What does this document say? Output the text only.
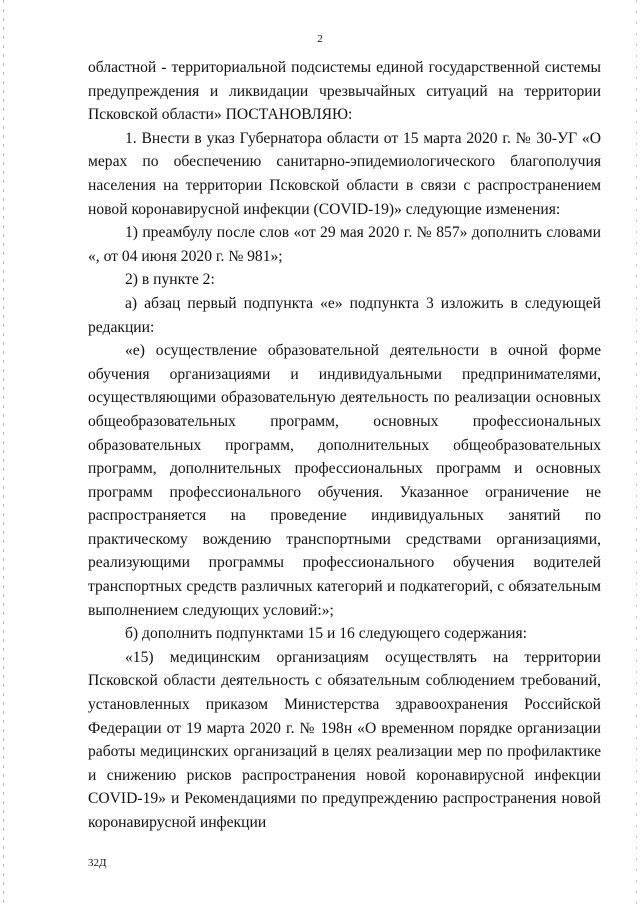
2

областной - территориальной подсистемы единой государственной системы предупреждения и ликвидации чрезвычайных ситуаций на территории Псковской области» ПОСТАНОВЛЯЮ:

1. Внести в указ Губернатора области от 15 марта 2020 г. № 30-УГ «О мерах по обеспечению санитарно-эпидемиологического благополучия населения на территории Псковской области в связи с распространением новой коронавирусной инфекции (COVID-19)» следующие изменения:

1) преамбулу после слов «от 29 мая 2020 г. № 857» дополнить словами «, от 04 июня 2020 г. № 981»;

2) в пункте 2:

а) абзац первый подпункта «е» подпункта 3 изложить в следующей редакции:

«е) осуществление образовательной деятельности в очной форме обучения организациями и индивидуальными предпринимателями, осуществляющими образовательную деятельность по реализации основных общеобразовательных программ, основных профессиональных образовательных программ, дополнительных общеобразовательных программ, дополнительных профессиональных программ и основных программ профессионального обучения. Указанное ограничение не распространяется на проведение индивидуальных занятий по практическому вождению транспортными средствами организациями, реализующими программы профессионального обучения водителей транспортных средств различных категорий и подкатегорий, с обязательным выполнением следующих условий:»;

б) дополнить подпунктами 15 и 16 следующего содержания:

«15) медицинским организациям осуществлять на территории Псковской области деятельность с обязательным соблюдением требований, установленных приказом Министерства здравоохранения Российской Федерации от 19 марта 2020 г. № 198н «О временном порядке организации работы медицинских организаций в целях реализации мер по профилактике и снижению рисков распространения новой коронавирусной инфекции COVID-19» и Рекомендациями по предупреждению распространения новой коронавирусной инфекции

32Д
